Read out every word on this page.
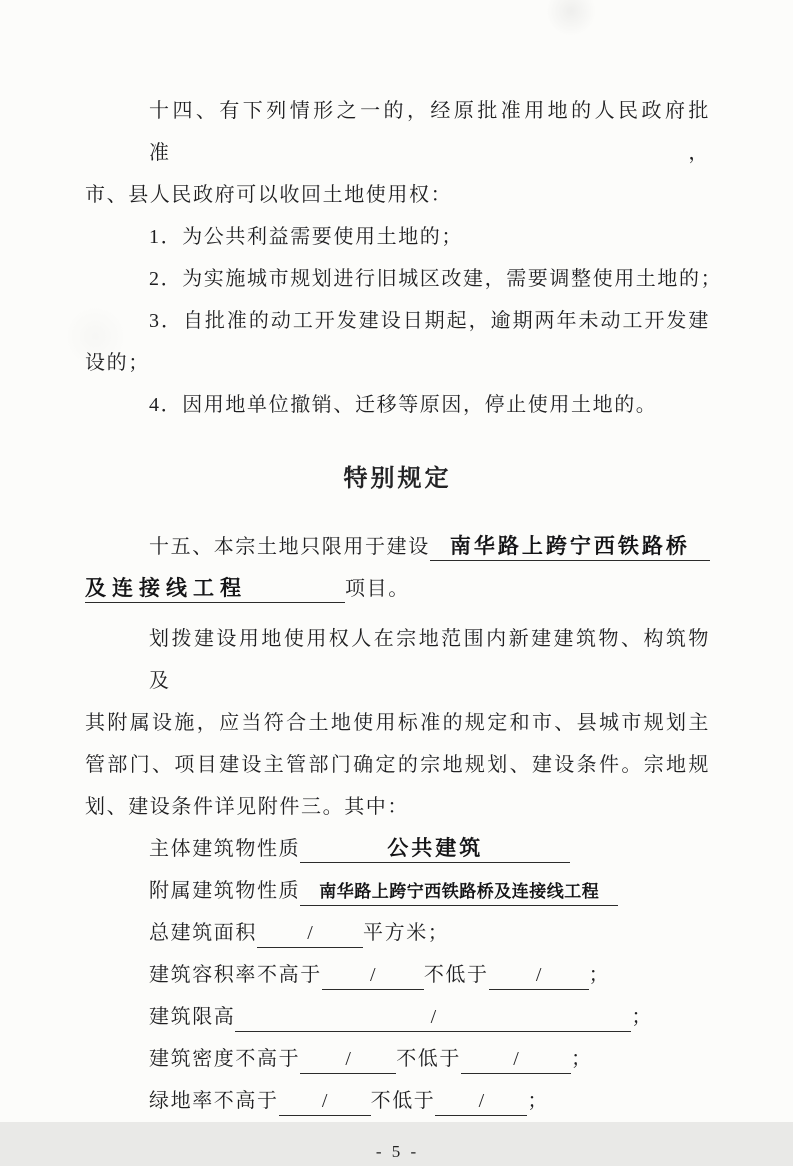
十四、有下列情形之一的，经原批准用地的人民政府批准，
市、县人民政府可以收回土地使用权：
1．为公共利益需要使用土地的；
2．为实施城市规划进行旧城区改建，需要调整使用土地的；
3．自批准的动工开发建设日期起，逾期两年未动工开发建
设的；
4．因用地单位撤销、迁移等原因，停止使用土地的。
特别规定
十五、本宗土地只限用于建设 南华路上跨宁西铁路桥
及连接线工程	项目。
划拨建设用地使用权人在宗地范围内新建建筑物、构筑物及
其附属设施，应当符合土地使用标准的规定和市、县城市规划主
管部门、项目建设主管部门确定的宗地规划、建设条件。宗地规
划、建设条件详见附件三。其中：
主体建筑物性质	公共建筑
附属建筑物性质 南华路上跨宁西铁路桥及连接线工程
总建筑面积	/	平方米；
建筑容积率不高于 / 不低于 / ；
建筑限高	/	；
建筑密度不高于 / 不低于	/	；
绿地率不高于 / 不低于 / ；
- 5 -
